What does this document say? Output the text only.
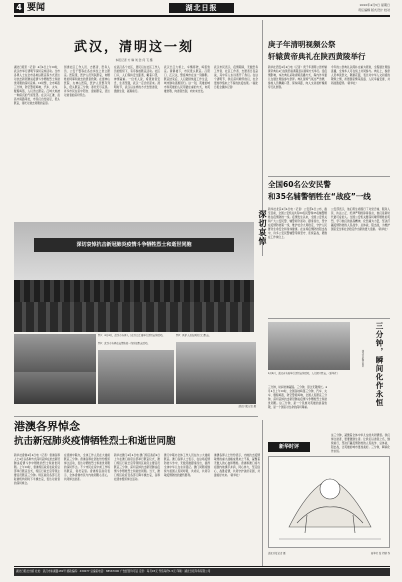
4 要闻	湖北日报	2020年4月5日 星期日
责任编辑 版式设计 校对
武汉，清明这一刻
本报记者 方 琳 刘 浩 何 飞 摄
湖北日报讯（记者）4月4日上午10时，武汉市举行清明节深切哀悼活动。全市各界人士在全市各地以默哀等方式表达对抗击新冠肺炎疫情斗争牺牲烈士和逝世同胞的深切哀悼。10时整，全市鸣笛三分钟，防空警报鸣响，汽车、火车、舰船鸣笛，人们肃立默哀。江城大地被一种深沉的气氛笼罩。在汉口江滩、武昌中南路等处，市民们自发驻足，低头默哀，寄托对逝去同胞的哀思。
街道社区工作人员、志愿者、医务人员、公安干警等在各自岗位上肃立默哀。医院里，医护人员列队默哀，向牺牲的同事和逝去的患者致敬。在雷神山医院、火神山医院，医护人员整齐列队，低头默哀三分钟，寄托无尽哀思。许多市民在家中阳台、窗前默哀，表达对逝者的深切怀念。
在武汉各个社区，居民们在社区工作人员的组织下，有序参加默哀活动。社区门口，人们保持安全距离，戴着口罩，神情凝重。一位老人说，希望逝者安息，生者坚强，武汉一定会好起来。清明时节，武汉以这样的方式告慰逝者，激励生者，砥砺前行。
武汉长江大桥上，车辆停驶，鸣笛致哀。黄鹤楼下，市民低头默哀。汉阳门、江汉关，整座城市在这一刻静默。默哀结束后，人们陆续恢复工作生活，城市脉动逐渐回归。这一刻，英雄的城市和英雄的人民用最庄重的方式，向英雄致敬，向逝者告别，向未来出发。
武汉市民表示，疫情期间，无数医务工作者、社区工作者、志愿者日夜奋战，其中有人永远离开了我们。在这个清明节，我们深切缅怀他们，也会更加珍惜来之不易的抗疫成果。（湖北日报全媒体记者）
深切哀悼抗击新冠肺炎疫情斗争牺牲烈士和逝世同胞
图1：4月4日，武汉市各界人士在汉口江滩举行深切哀悼活动。
图2：武汉市各界在疫情防控一线参加默哀活动。
图3：医护人员在医院门口默哀。
湖北日报记者 摄
深切哀悼
庚子年清明视频公祭
轩辕黄帝典礼在陕西黄陵举行
新华社西安4月4日电（记者）庚子年清明公祭轩辕黄帝典礼4日在陕西省黄陵县以视频方式举行。受疫情影响，本次典礼采取视频直播方式，海内外华夏儿女通过网络参与祭拜。典礼现场气氛庄严肃穆，参加人员佩戴口罩、保持间距，向人文初祖轩辕黄帝行礼致敬。
今年的公祭典礼以简朴庄重为原则，全程通过网络直播，全球华人可在线上共同参与。典礼上，参祭人员恭读祭文，敬献花篮，表达对中华人文初祖的敬仰之情，祈愿国家繁荣昌盛、人民幸福安康，共同战胜疫情。（新华社）
全国60名公安民警
和35名辅警牺牲在“战疫”一线
新华社北京4月4日电（记者）公安部4日公布，截至目前，全国公安机关共有60名民警和35名辅警牺牲在疫情防控一线。疫情发生以来，全国公安机关和广大公安民警、辅警闻令而动、挺身而出，坚守在疫情防控第一线，维护社会大局稳定，守护人民群众生命安全和身体健康。在这场疫情防控阻击战中，许多公安民警辅警带病坚守、连续奋战，累倒在工作岗位上。
公安部表示，他们用生命践行了对党忠诚、服务人民、执法公正、纪律严明的铮铮誓言，他们是新时代最可爱的人。全国公安机关要深切缅怀牺牲的英烈，学习他们的崇高精神，化悲痛为力量，坚决打赢疫情防控的人民战争、总体战、阻击战，为维护国家安全和社会稳定作出新的更大贡献。（新华社）
4月4日，湖北省各地举行深切哀悼活动，人们肃立默哀。（新华社）	三分钟，瞬间化作永恒
湖北日报评论员
三分钟，时间仿佛凝固。三分钟，思念无限绵长。4月4日上午10时，全国各地鸣笛三分钟，汽车、火车、舰船鸣笛，防空警报鸣响，全国人民默哀三分钟，深切哀悼抗击新冠肺炎疫情斗争牺牲烈士和逝世同胞。这三分钟，是一个民族对英雄的崇高致敬，是一个国家对生命的深切尊重。
这三分钟，凝聚着全体中华儿女的共同情感。我们悼念逝者，更要激励生者。让我们以逝者之名，继续前行，坚决打赢疫情防控的人民战争、总体战、阻击战，让英雄的城市更加美好。三分钟，瞬间化作永恒。
港澳各界悼念
抗击新冠肺炎疫情牺牲烈士和逝世同胞
新华社香港4月4日电（记者）香港各界人士4日以各种方式深切哀悼在抗击新冠肺炎疫情斗争中牺牲的烈士和逝世同胞。上午10时，香港特区政府在政府总部举行默哀仪式，特区行政长官带领主要官员默哀三分钟。特区政府各部门及驻港机构同时下半旗志哀，表达对逝者的深切悼念。
在香港中联办，全体工作人员在大楼前默哀三分钟。香港各界社团也纷纷组织悼念活动，表达对牺牲烈士和逝世同胞的深切怀念。不少市民在家中或工作场所默哀，寄托哀思。香港特区政府表示，全体香港市民与内地同胞心连心，共同悼念逝者。
新华社澳门4月4日电 澳门特区政府4日上午在澳门政府总部举行默哀仪式，澳门特区行政长官带领特区政府主要官员默哀三分钟，深切哀悼抗击新冠肺炎疫情斗争牺牲烈士和逝世同胞。当天，澳门特区政府及各部门降半旗志哀，各界社团亦组织悼念活动。
澳门中联办全体工作人员在办公大楼前默哀。澳门各界人士表示，在这场疫情防控斗争中，无数英雄挺身而出，值得全体中华儿女永远铭记。澳门同胞将继续与祖国人民同呼吸、共命运，共同夺取疫情防控的最终胜利。
港澳各界人士纷纷表示，内地抗击疫情取得的重大战略成果来之不易，凝聚着无数人的心血和牺牲。香港和澳门将与祖国内地携手并肩，同心协力，坚定信心，战胜疫情，共同守护美好家园，共建美好未来。（新华社）
新华时评
湖北日报记者 摄	新华社 发 程硕 作
湖北日报社出版 社址：武汉市东湖路181号 邮政编码：430077 总编室电话：88567000 广告经营许可证 定价：每月45元 零售每份1.5元 印刷：湖北日报印务有限公司
